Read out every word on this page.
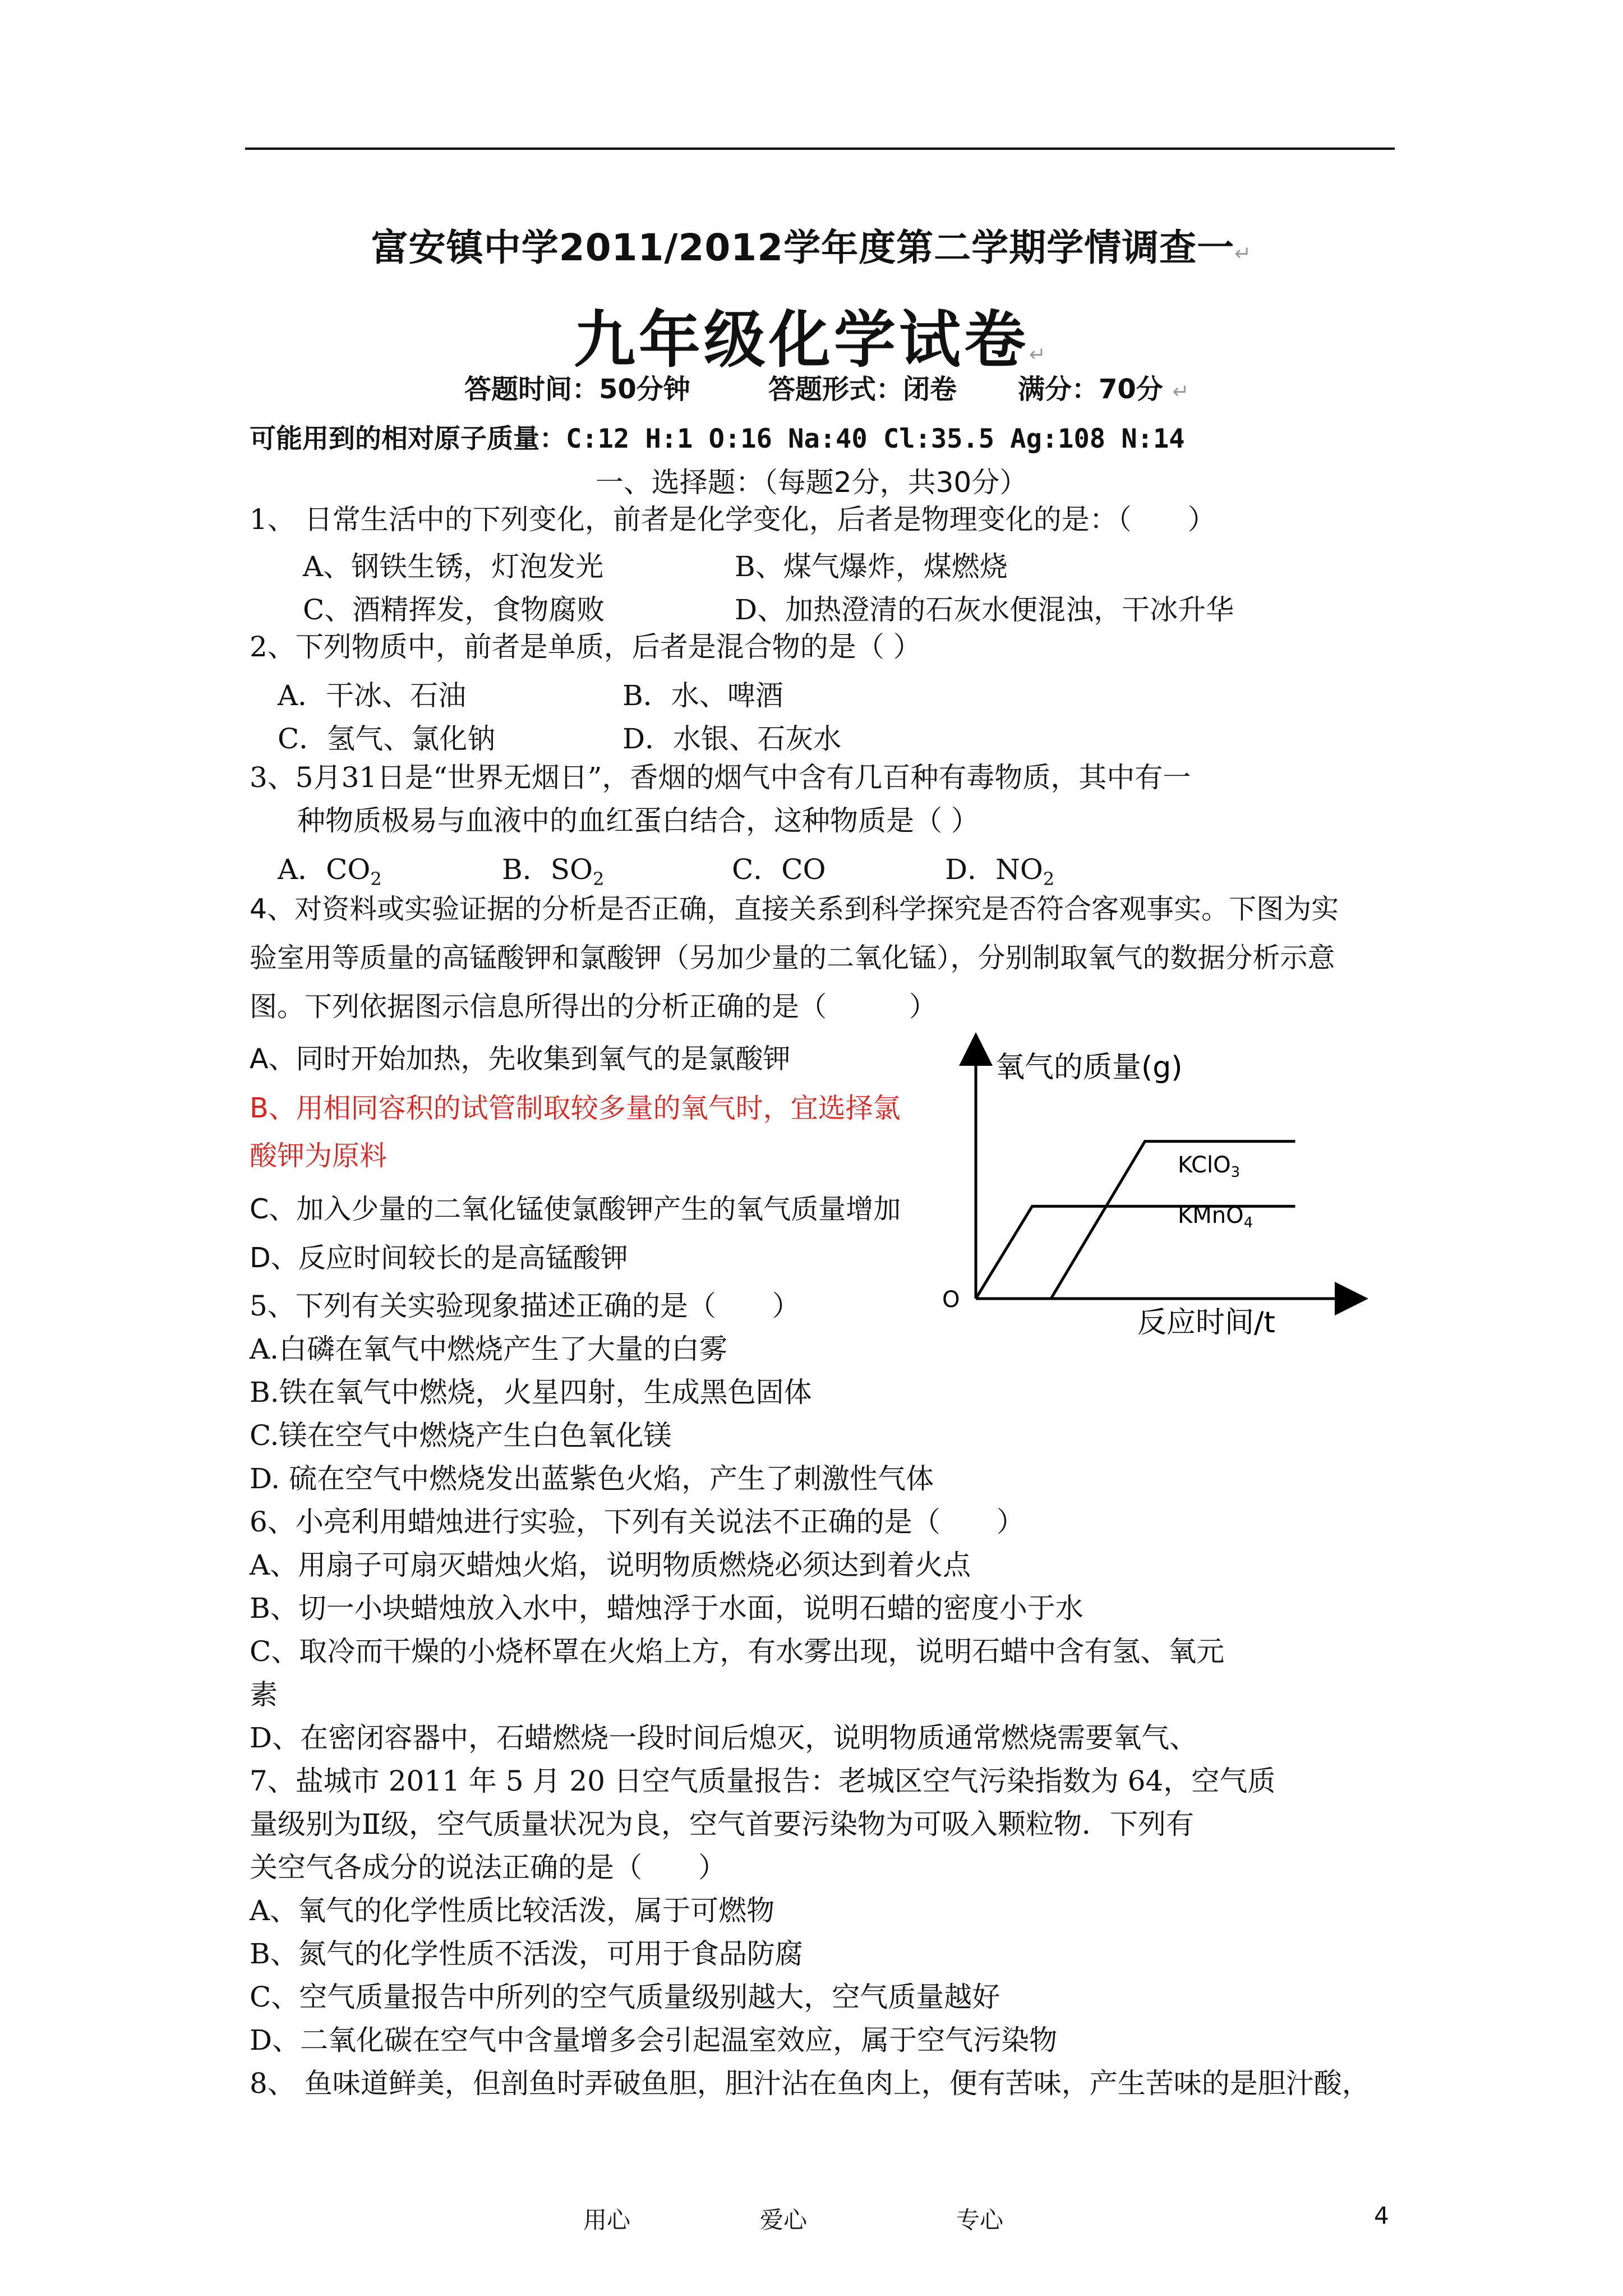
富安镇中学2011/2012学年度第二学期学情调查一↵
九年级化学试卷↵
答题时间：50分钟	答题形式：闭卷 满分：70分 ↵
可能用到的相对原子质量：C:12 H:1 O:16 Na:40 Cl:35.5 Ag:108 N:14
一、选择题：（每题2分，共30分）
1、 日常生活中的下列变化，前者是化学变化，后者是物理变化的是：（　　）
A、钢铁生锈，灯泡发光	B、煤气爆炸，煤燃烧
C、酒精挥发，食物腐败	D、加热澄清的石灰水便混浊，干冰升华
2、下列物质中，前者是单质，后者是混合物的是（ ）
A．干冰、石油	B．水、啤酒
C．氢气、氯化钠	D．水银、石灰水
3、5月31日是“世界无烟日”，香烟的烟气中含有几百种有毒物质，其中有一
种物质极易与血液中的血红蛋白结合，这种物质是（ ）
A．$CO_2$	B．$SO_2$	C．CO	D．$NO_2$
4、对资料或实验证据的分析是否正确，直接关系到科学探究是否符合客观事实。下图为实
验室用等质量的高锰酸钾和氯酸钾（另加少量的二氧化锰），分别制取氧气的数据分析示意
图。下列依据图示信息所得出的分析正确的是（　　　）
A、同时开始加热，先收集到氧气的是氯酸钾
B、用相同容积的试管制取较多量的氧气时，宜选择氯
酸钾为原料
C、加入少量的二氧化锰使氯酸钾产生的氧气质量增加
D、反应时间较长的是高锰酸钾
氧气的质量(g)
反应时间/t
O
KClO$_3$
KMnO$_4$
5、下列有关实验现象描述正确的是（　　）
A.白磷在氧气中燃烧产生了大量的白雾
B.铁在氧气中燃烧，火星四射，生成黑色固体
C.镁在空气中燃烧产生白色氧化镁
D. 硫在空气中燃烧发出蓝紫色火焰，产生了刺激性气体
6、小亮利用蜡烛进行实验，下列有关说法不正确的是（　　）
A、用扇子可扇灭蜡烛火焰，说明物质燃烧必须达到着火点
B、切一小块蜡烛放入水中，蜡烛浮于水面，说明石蜡的密度小于水
C、取冷而干燥的小烧杯罩在火焰上方，有水雾出现，说明石蜡中含有氢、氧元
素
D、在密闭容器中，石蜡燃烧一段时间后熄灭，说明物质通常燃烧需要氧气、
7、盐城市 2011 年 5 月 20 日空气质量报告：老城区空气污染指数为 64，空气质
量级别为Ⅱ级，空气质量状况为良，空气首要污染物为可吸入颗粒物．下列有
关空气各成分的说法正确的是（　　）
A、氧气的化学性质比较活泼，属于可燃物
B、氮气的化学性质不活泼，可用于食品防腐
C、空气质量报告中所列的空气质量级别越大，空气质量越好
D、二氧化碳在空气中含量增多会引起温室效应，属于空气污染物
8、 鱼味道鲜美，但剖鱼时弄破鱼胆，胆汁沾在鱼肉上，便有苦味，产生苦味的是胆汁酸，
用心	爱心	专心	4
